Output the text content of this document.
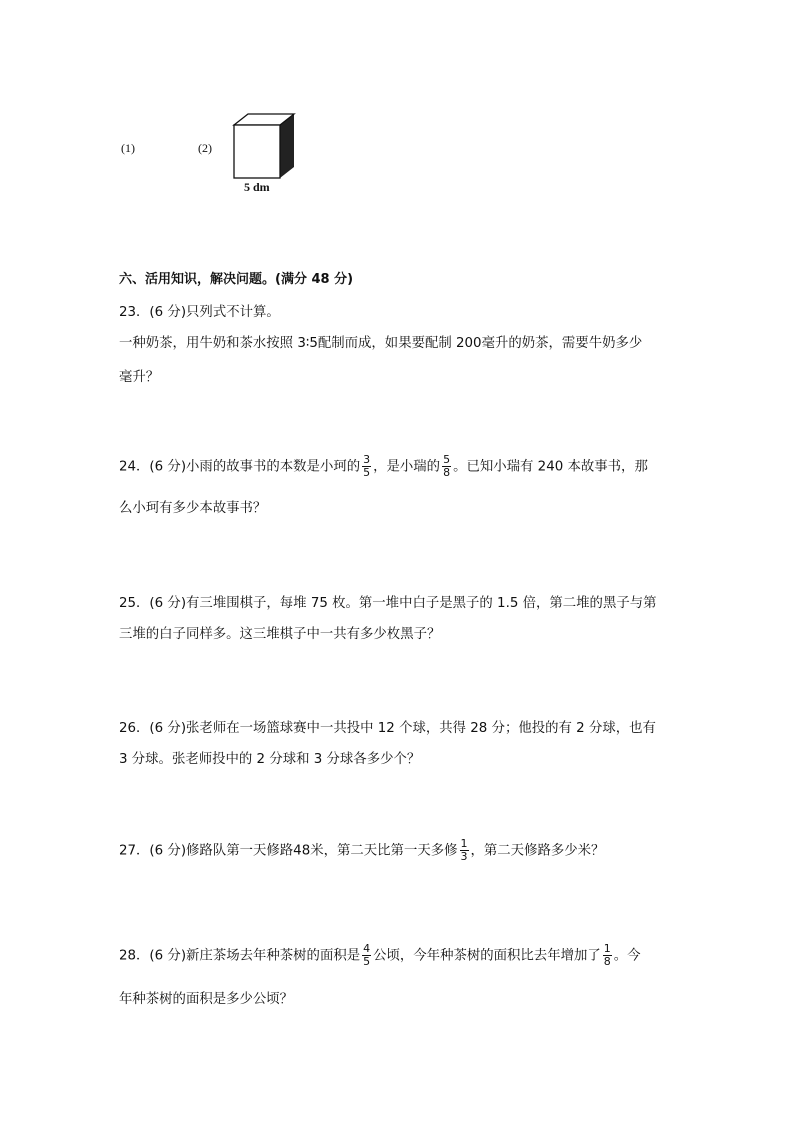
(1)	(2)
5 dm
六、活用知识，解决问题。(满分 48 分)
23．(6 分)只列式不计算。
一种奶茶，用牛奶和茶水按照 3∶5配制而成，如果要配制 200毫升的奶茶，需要牛奶多少
毫升？
24．(6 分)小雨的故事书的本数是小珂的 $\frac{3}{5}$ ，是小瑞的 $\frac{5}{8}$ 。已知小瑞有 240 本故事书，那
么小珂有多少本故事书？
25．(6 分)有三堆围棋子，每堆 75 枚。第一堆中白子是黑子的 1.5 倍，第二堆的黑子与第
三堆的白子同样多。这三堆棋子中一共有多少枚黑子？
26．(6 分)张老师在一场篮球赛中一共投中 12 个球，共得 28 分；他投的有 2 分球，也有
3 分球。张老师投中的 2 分球和 3 分球各多少个？
27．(6 分)修路队第一天修路48米，第二天比第一天多修 $\frac{1}{3}$ ，第二天修路多少米？
28．(6 分)新庄茶场去年种茶树的面积是 $\frac{4}{5}$ 公顷，今年种茶树的面积比去年增加了 $\frac{1}{8}$ 。今
年种茶树的面积是多少公顷？
